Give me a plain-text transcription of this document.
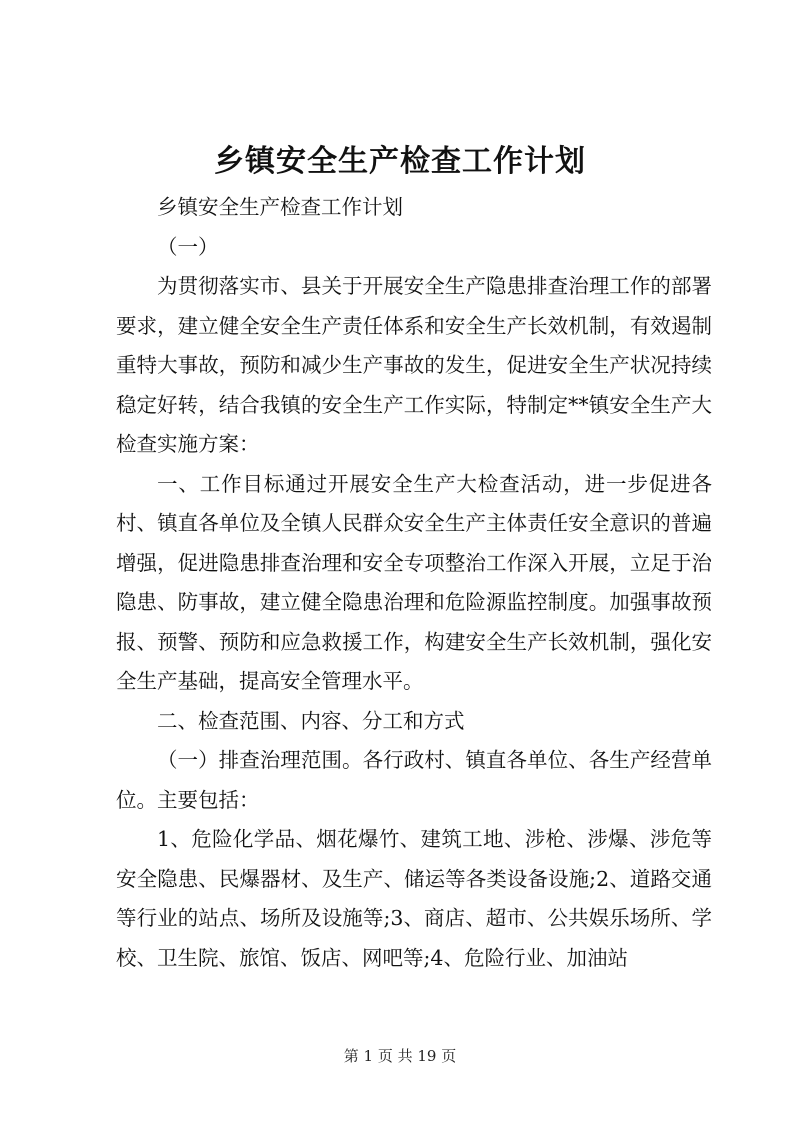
乡镇安全生产检查工作计划

乡镇安全生产检查工作计划

（一）

为贯彻落实市、县关于开展安全生产隐患排查治理工作的部署要求，建立健全安全生产责任体系和安全生产长效机制，有效遏制重特大事故，预防和减少生产事故的发生，促进安全生产状况持续稳定好转，结合我镇的安全生产工作实际，特制定**镇安全生产大检查实施方案：

一、工作目标通过开展安全生产大检查活动，进一步促进各村、镇直各单位及全镇人民群众安全生产主体责任安全意识的普遍增强，促进隐患排查治理和安全专项整治工作深入开展，立足于治隐患、防事故，建立健全隐患治理和危险源监控制度。加强事故预报、预警、预防和应急救援工作，构建安全生产长效机制，强化安全生产基础，提高安全管理水平。

二、检查范围、内容、分工和方式

（一）排查治理范围。各行政村、镇直各单位、各生产经营单位。主要包括：

1、危险化学品、烟花爆竹、建筑工地、涉枪、涉爆、涉危等安全隐患、民爆器材、及生产、储运等各类设备设施;2、道路交通等行业的站点、场所及设施等;3、商店、超市、公共娱乐场所、学校、卫生院、旅馆、饭店、网吧等;4、危险行业、加油站

第 1 页 共 19 页
